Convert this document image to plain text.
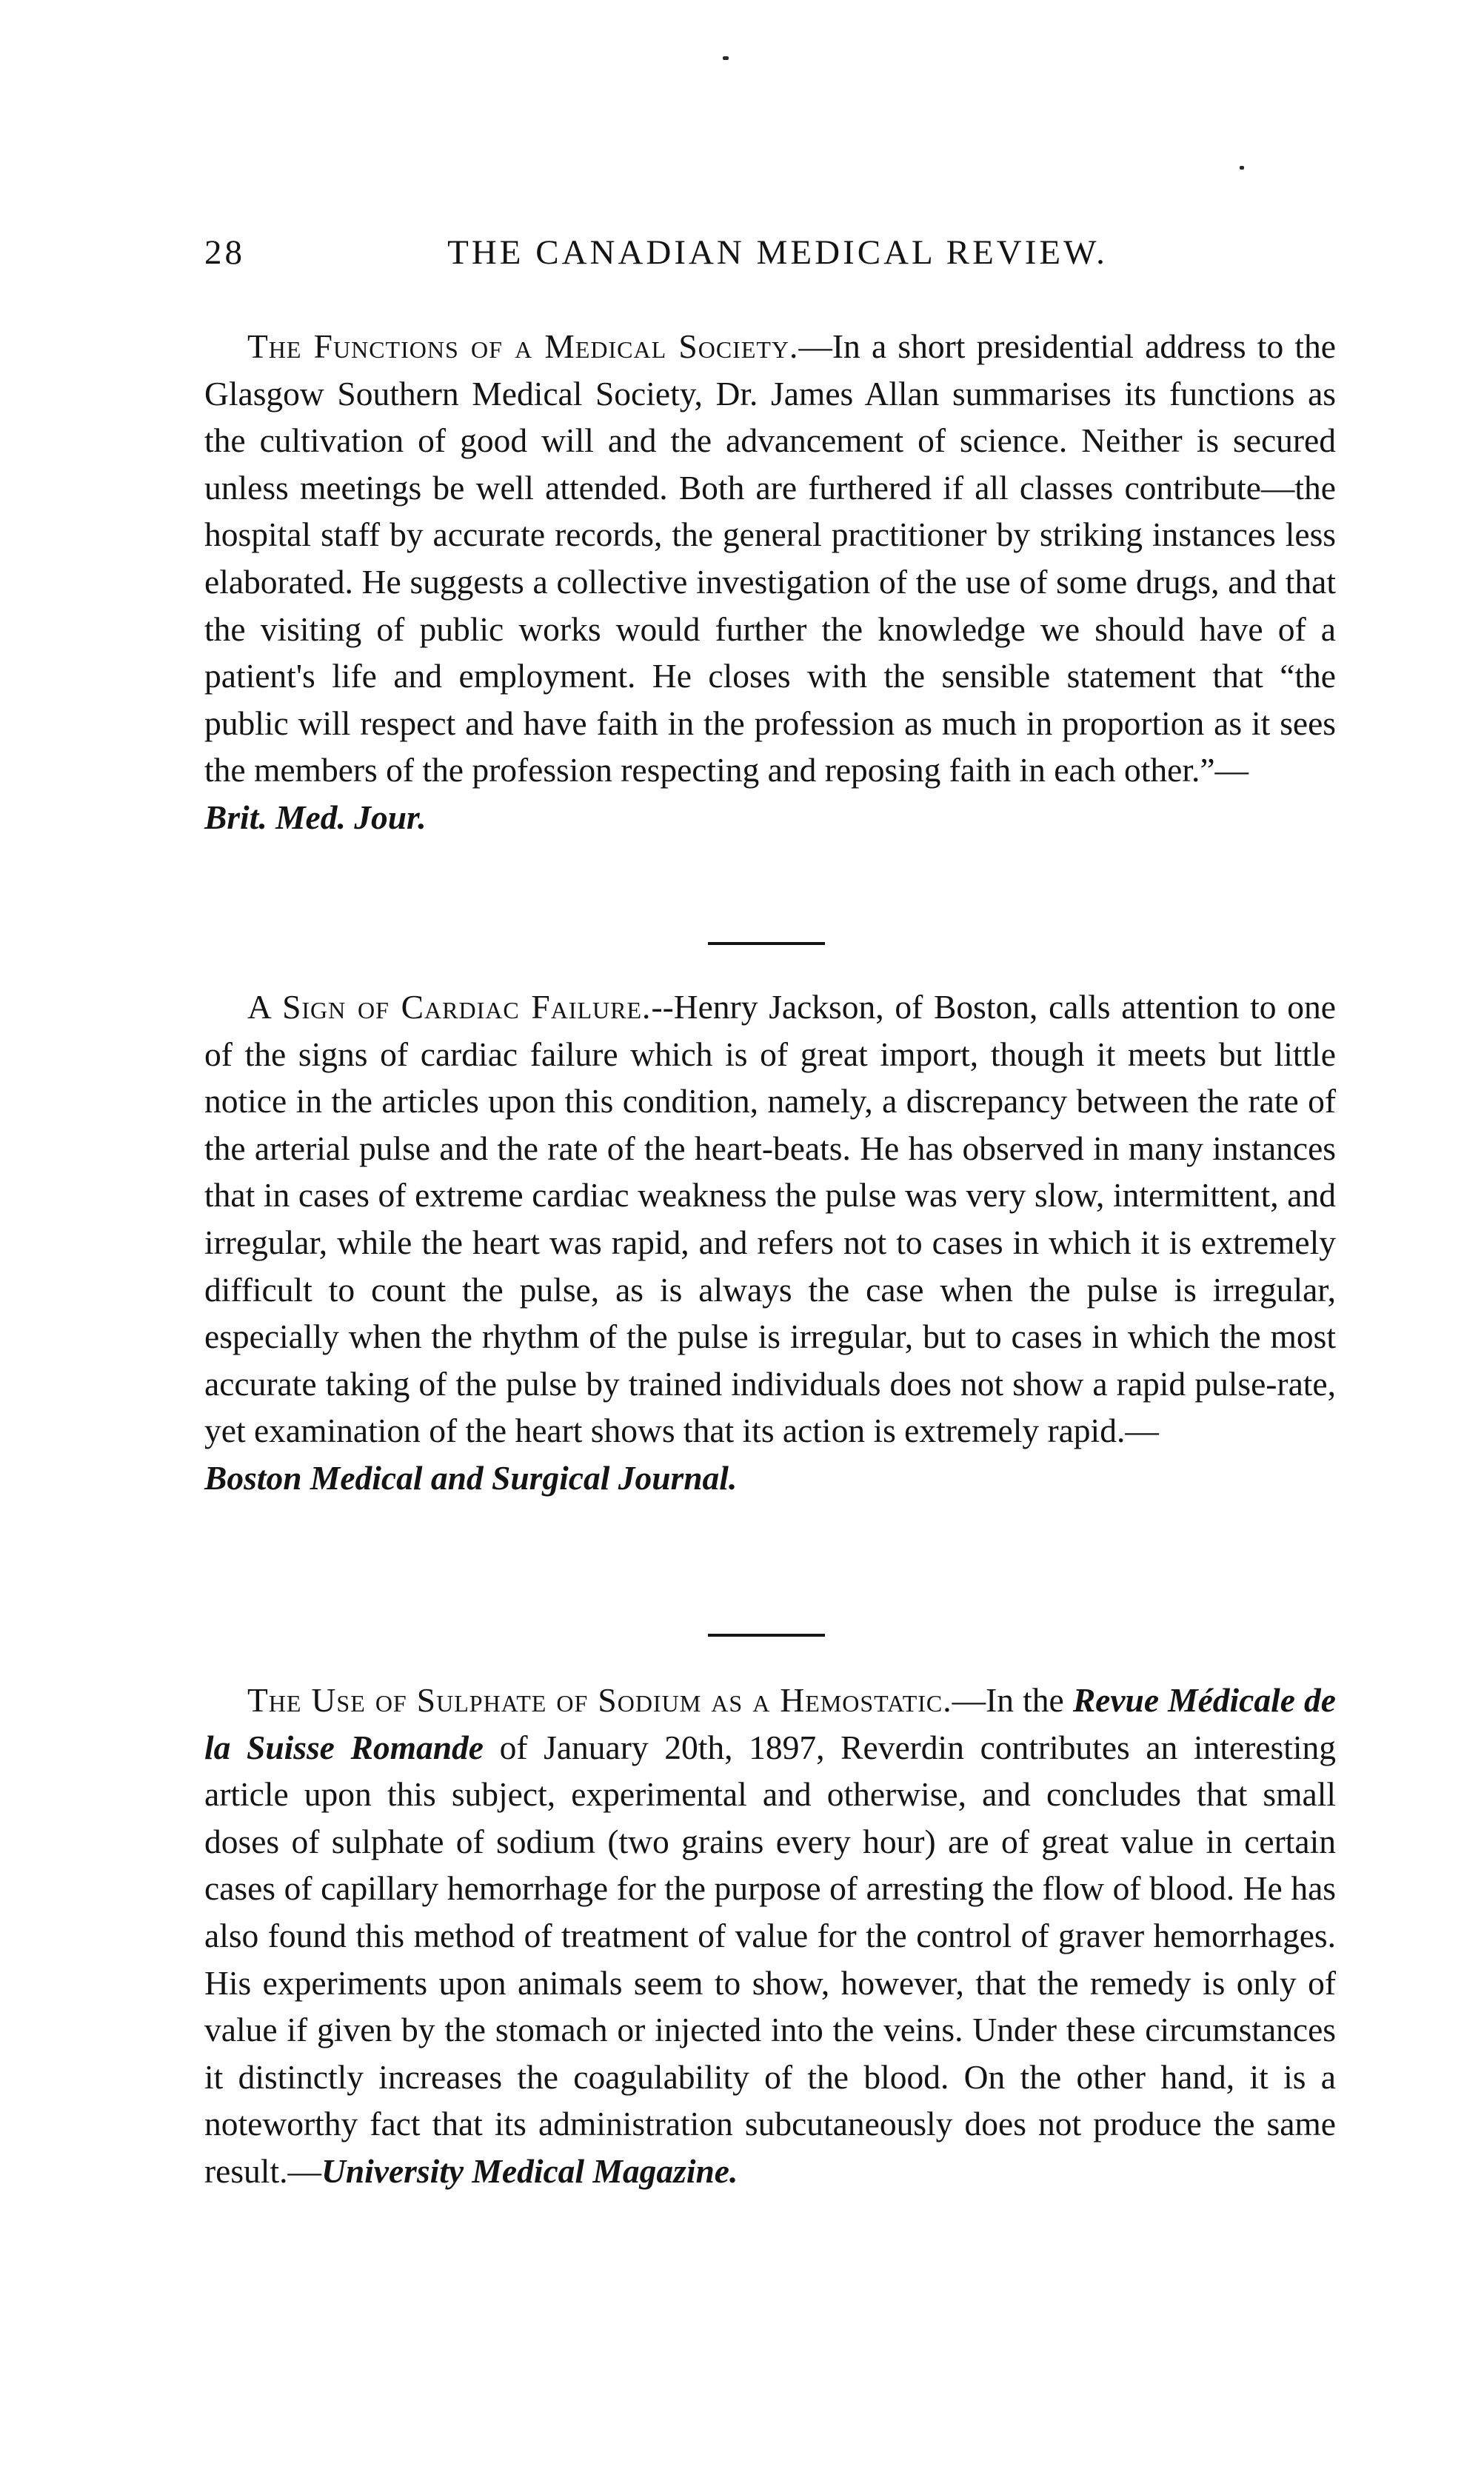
28	THE CANADIAN MEDICAL REVIEW.

The Functions of a Medical Society.—In a short presidential address to the Glasgow Southern Medical Society, Dr. James Allan summarises its functions as the cultivation of good will and the advancement of science. Neither is secured unless meetings be well attended. Both are furthered if all classes contribute—the hospital staff by accurate records, the general practitioner by striking instances less elaborated. He suggests a collective investigation of the use of some drugs, and that the visiting of public works would further the knowledge we should have of a patient's life and employment. He closes with the sensible statement that “the public will respect and have faith in the profession as much in proportion as it sees the members of the profession respecting and reposing faith in each other.”—
Brit. Med. Jour.

A Sign of Cardiac Failure.--Henry Jackson, of Boston, calls attention to one of the signs of cardiac failure which is of great import, though it meets but little notice in the articles upon this condition, namely, a discrepancy between the rate of the arterial pulse and the rate of the heart-beats. He has observed in many instances that in cases of extreme cardiac weakness the pulse was very slow, intermittent, and irregular, while the heart was rapid, and refers not to cases in which it is extremely difficult to count the pulse, as is always the case when the pulse is irregular, especially when the rhythm of the pulse is irregular, but to cases in which the most accurate taking of the pulse by trained individuals does not show a rapid pulse-rate, yet examination of the heart shows that its action is extremely rapid.—
Boston Medical and Surgical Journal.

The Use of Sulphate of Sodium as a Hemostatic.—In the Revue Médicale de la Suisse Romande of January 20th, 1897, Reverdin contributes an interesting article upon this subject, experimental and otherwise, and concludes that small doses of sulphate of sodium (two grains every hour) are of great value in certain cases of capillary hemorrhage for the purpose of arresting the flow of blood. He has also found this method of treatment of value for the control of graver hemorrhages. His experiments upon animals seem to show, however, that the remedy is only of value if given by the stomach or injected into the veins. Under these circumstances it distinctly increases the coagulability of the blood. On the other hand, it is a noteworthy fact that its administration subcutaneously does not produce the same result.—University Medical Magazine.
